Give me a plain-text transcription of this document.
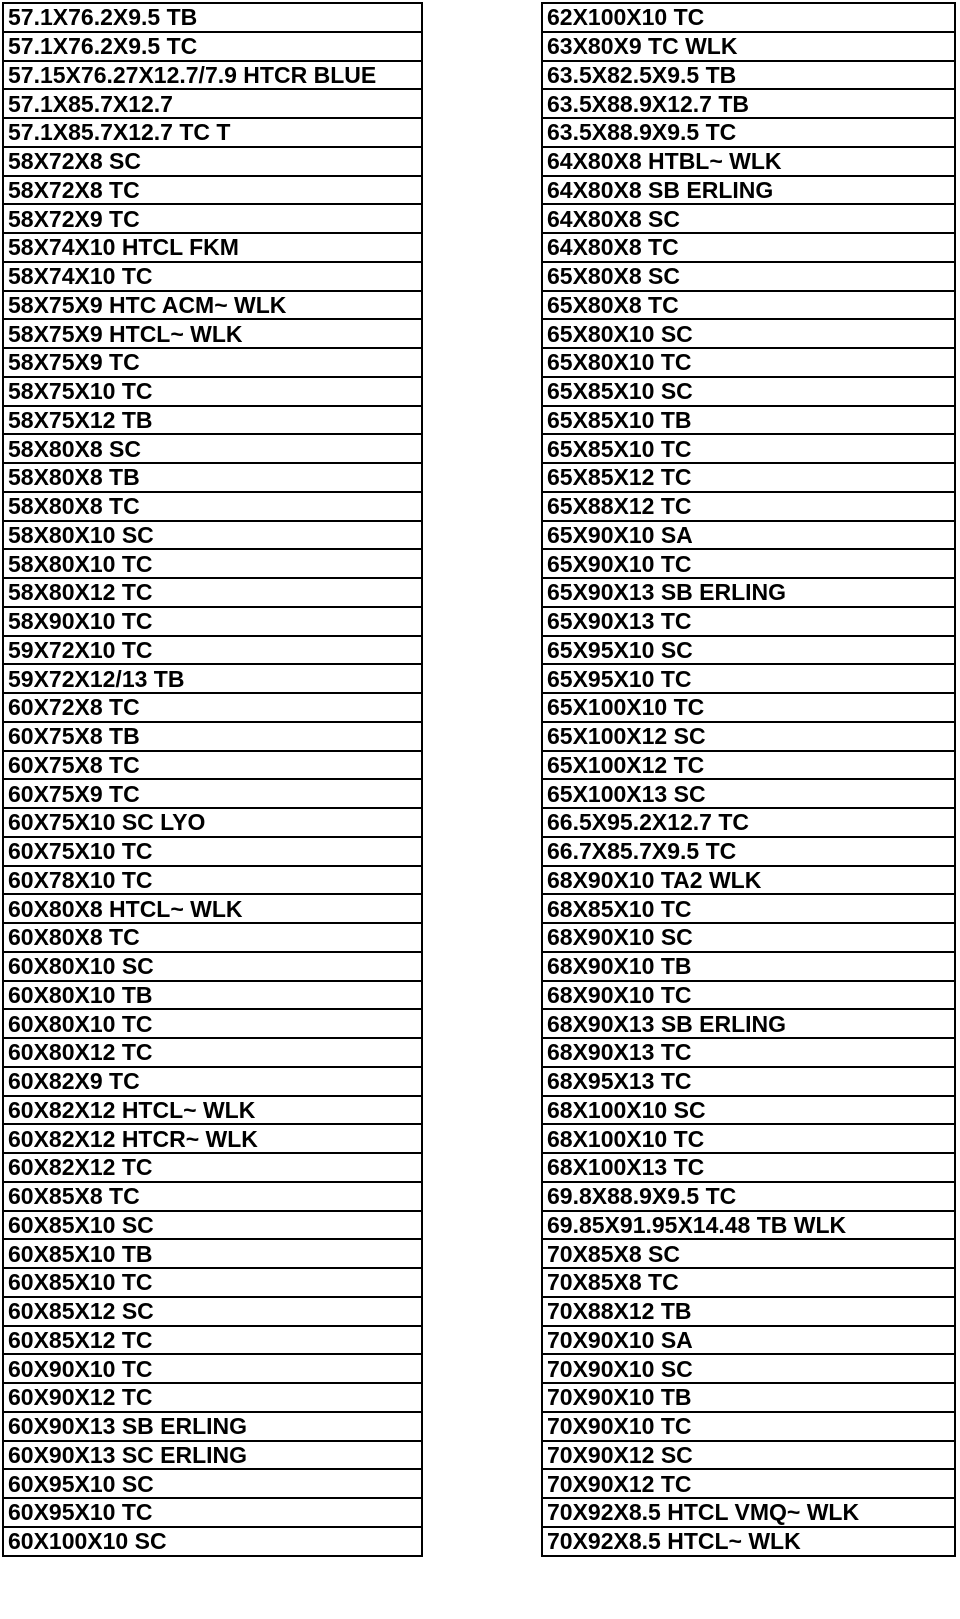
57.1X76.2X9.5 TB
57.1X76.2X9.5 TC
57.15X76.27X12.7/7.9 HTCR BLUE
57.1X85.7X12.7
57.1X85.7X12.7 TC T
58X72X8 SC
58X72X8 TC
58X72X9 TC
58X74X10 HTCL FKM
58X74X10 TC
58X75X9 HTC ACM~ WLK
58X75X9 HTCL~ WLK
58X75X9 TC
58X75X10 TC
58X75X12 TB
58X80X8 SC
58X80X8 TB
58X80X8 TC
58X80X10 SC
58X80X10 TC
58X80X12 TC
58X90X10 TC
59X72X10 TC
59X72X12/13 TB
60X72X8 TC
60X75X8 TB
60X75X8 TC
60X75X9 TC
60X75X10 SC LYO
60X75X10 TC
60X78X10 TC
60X80X8 HTCL~ WLK
60X80X8 TC
60X80X10 SC
60X80X10 TB
60X80X10 TC
60X80X12 TC
60X82X9 TC
60X82X12 HTCL~ WLK
60X82X12 HTCR~ WLK
60X82X12 TC
60X85X8 TC
60X85X10 SC
60X85X10 TB
60X85X10 TC
60X85X12 SC
60X85X12 TC
60X90X10 TC
60X90X12 TC
60X90X13 SB ERLING
60X90X13 SC ERLING
60X95X10 SC
60X95X10 TC
60X100X10 SC
62X100X10 TC
63X80X9 TC WLK
63.5X82.5X9.5 TB
63.5X88.9X12.7 TB
63.5X88.9X9.5 TC
64X80X8 HTBL~ WLK
64X80X8 SB ERLING
64X80X8 SC
64X80X8 TC
65X80X8 SC
65X80X8 TC
65X80X10 SC
65X80X10 TC
65X85X10 SC
65X85X10 TB
65X85X10 TC
65X85X12 TC
65X88X12 TC
65X90X10 SA
65X90X10 TC
65X90X13 SB ERLING
65X90X13 TC
65X95X10 SC
65X95X10 TC
65X100X10 TC
65X100X12 SC
65X100X12 TC
65X100X13 SC
66.5X95.2X12.7 TC
66.7X85.7X9.5 TC
68X90X10 TA2 WLK
68X85X10 TC
68X90X10 SC
68X90X10 TB
68X90X10 TC
68X90X13 SB ERLING
68X90X13 TC
68X95X13 TC
68X100X10 SC
68X100X10 TC
68X100X13 TC
69.8X88.9X9.5 TC
69.85X91.95X14.48 TB WLK
70X85X8 SC
70X85X8 TC
70X88X12 TB
70X90X10 SA
70X90X10 SC
70X90X10 TB
70X90X10 TC
70X90X12 SC
70X90X12 TC
70X92X8.5 HTCL VMQ~ WLK
70X92X8.5 HTCL~ WLK
